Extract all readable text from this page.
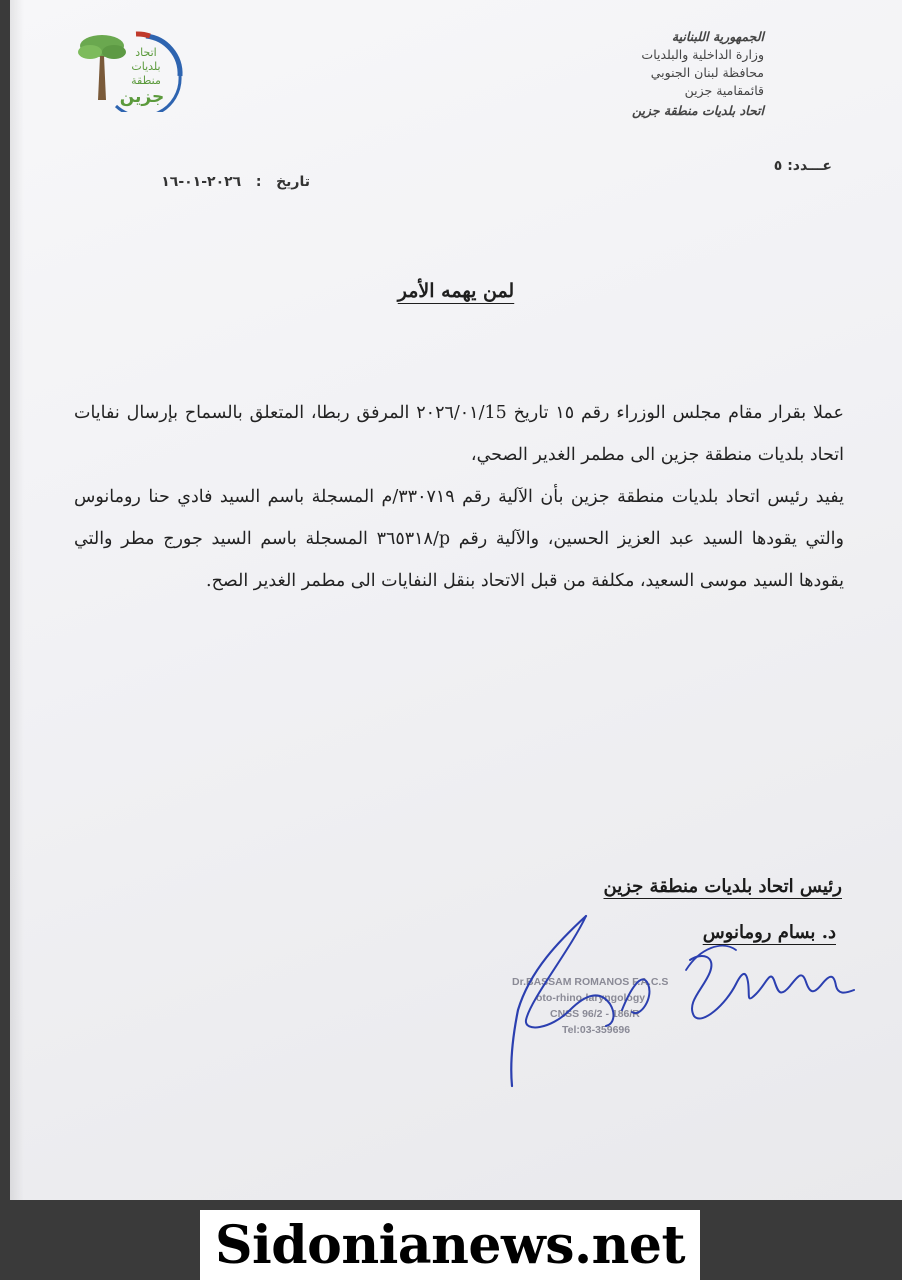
اتحاد
بلديات
منطقة
جزين
الجمهورية اللبنانية
وزارة الداخلية والبلديات
محافظة لبنان الجنوبي
قائمقامية جزين
اتحاد بلديات منطقة جزين
عـــدد: ٥
تاريخ   :   ٢٠٢٦-٠١-١٦
لمن يهمه الأمر

عملا بقرار مقام مجلس الوزراء رقم ١٥ تاريخ ٢٠٢٦/٠١/15 المرفق ربطا، المتعلق بالسماح بإرسال نفايات اتحاد بلديات منطقة جزين الى مطمر الغدير الصحي،

يفيد رئيس اتحاد بلديات منطقة جزين بأن الآلية رقم ٣٣٠٧١٩/م المسجلة باسم السيد فادي حنا رومانوس والتي يقودها السيد عبد العزيز الحسين، والآلية رقم p/٣٦٥٣١٨ المسجلة باسم السيد جورج مطر والتي يقودها السيد موسى السعيد، مكلفة من قبل الاتحاد بنقل النفايات الى مطمر الغدير الصح.

رئيس اتحاد بلديات منطقة جزين
د. بسام رومانوس
Dr.BASSAM ROMANOS F.A.C.S
oto-rhino-laryngology
CNSS 96/2 - 186/R
Tel:03-359696
Sidonianews.net
